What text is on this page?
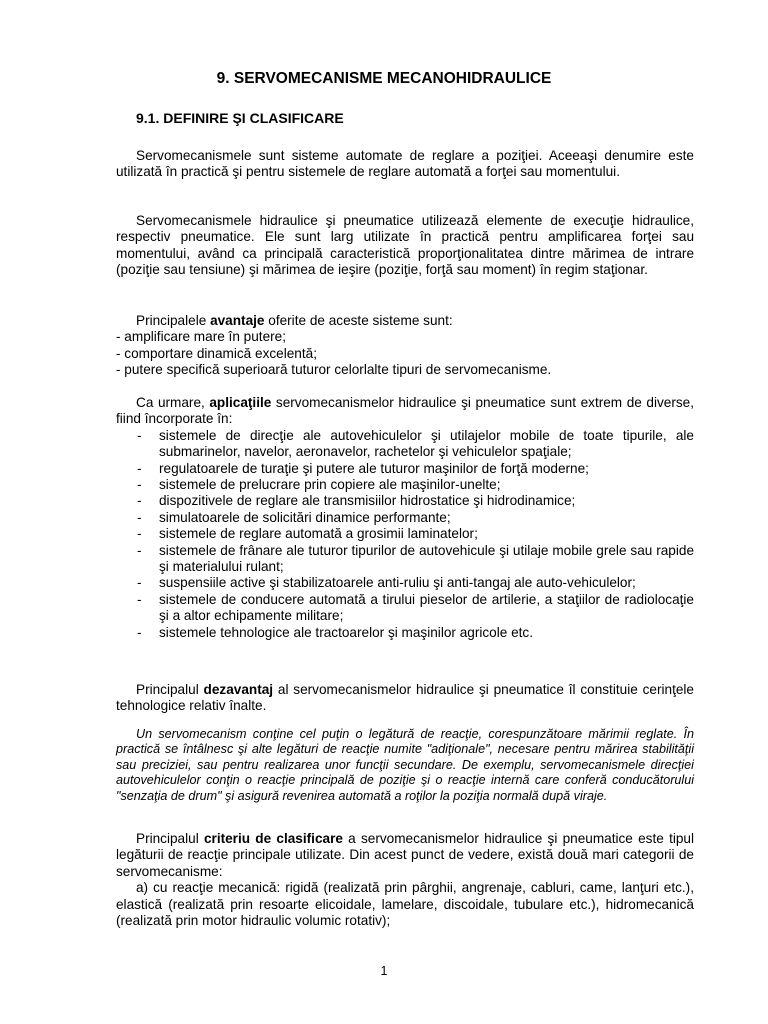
9. SERVOMECANISME MECANOHIDRAULICE
9.1. DEFINIRE ŞI CLASIFICARE

Servomecanismele sunt sisteme automate de reglare a poziţiei. Aceeaşi denumire este utilizată în practică şi pentru sistemele de reglare automată a forţei sau momentului.

Servomecanismele hidraulice şi pneumatice utilizează elemente de execuţie hidraulice, respectiv pneumatice. Ele sunt larg utilizate în practică pentru amplificarea forţei sau momentului, având ca principală caracteristică proporţionalitatea dintre mărimea de intrare (poziţie sau tensiune) şi mărimea de ieşire (poziţie, forţă sau moment) în regim staţionar.

Principalele avantaje oferite de aceste sisteme sunt:

- amplificare mare în putere;
- comportare dinamică excelentă;
- putere specifică superioară tuturor celorlalte tipuri de servomecanisme.

Ca urmare, aplicaţiile servomecanismelor hidraulice şi pneumatice sunt extrem de diverse, fiind încorporate în:

- sistemele de direcţie ale autovehiculelor şi utilajelor mobile de toate tipurile, ale submarinelor, navelor, aeronavelor, rachetelor şi vehiculelor spaţiale;
- regulatoarele de turaţie şi putere ale tuturor maşinilor de forţă moderne;
- sistemele de prelucrare prin copiere ale maşinilor-unelte;
- dispozitivele de reglare ale transmisiilor hidrostatice şi hidrodinamice;
- simulatoarele de solicitări dinamice performante;
- sistemele de reglare automată a grosimii laminatelor;
- sistemele de frânare ale tuturor tipurilor de autovehicule şi utilaje mobile grele sau rapide şi materialului rulant;
- suspensiile active şi stabilizatoarele anti-ruliu şi anti-tangaj ale auto-vehiculelor;
- sistemele de conducere automată a tirului pieselor de artilerie, a staţiilor de radiolocaţie şi a altor echipamente militare;
- sistemele tehnologice ale tractoarelor şi maşinilor agricole etc.

Principalul dezavantaj al servomecanismelor hidraulice şi pneumatice îl constituie cerinţele tehnologice relativ înalte.

Un servomecanism conţine cel puţin o legătură de reacţie, corespunzătoare mărimii reglate. În practică se întâlnesc şi alte legături de reacţie numite "adiţionale", necesare pentru mărirea stabilităţii sau preciziei, sau pentru realizarea unor funcţii secundare. De exemplu, servomecanismele direcţiei autovehiculelor conţin o reacţie principală de poziţie şi o reacţie internă care conferă conducătorului "senzaţia de drum" şi asigură revenirea automată a roţilor la poziţia normală după viraje.

Principalul criteriu de clasificare a servomecanismelor hidraulice şi pneumatice este tipul legăturii de reacţie principale utilizate. Din acest punct de vedere, există două mari categorii de servomecanisme:

a) cu reacţie mecanică: rigidă (realizată prin pârghii, angrenaje, cabluri, came, lanţuri etc.), elastică (realizată prin resoarte elicoidale, lamelare, discoidale, tubulare etc.), hidromecanică (realizată prin motor hidraulic volumic rotativ);

1
